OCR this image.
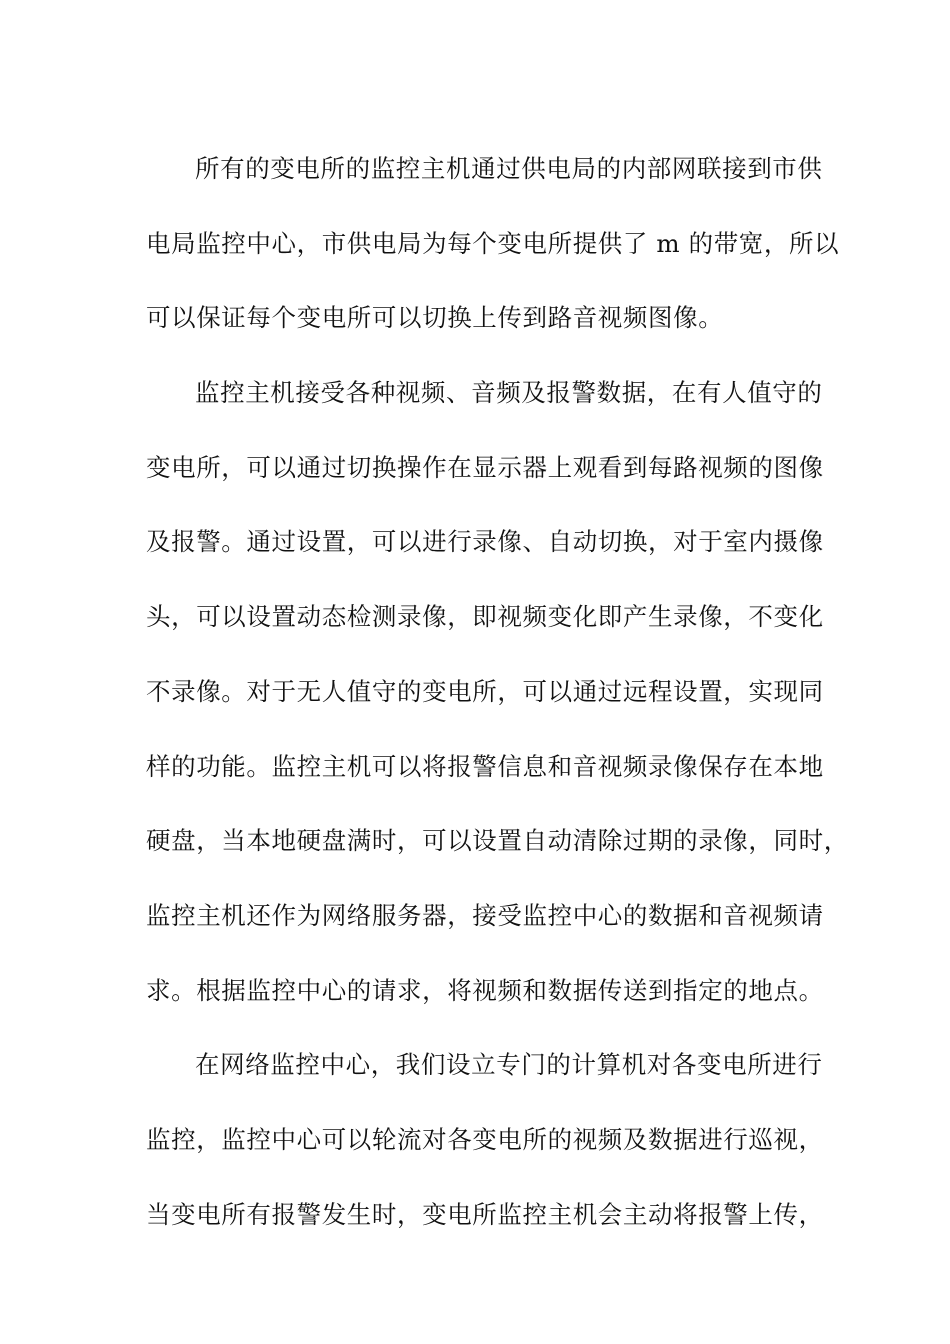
所有的变电所的监控主机通过供电局的内部网联接到市供
电局监控中心，市供电局为每个变电所提供了 m 的带宽，所以
可以保证每个变电所可以切换上传到路音视频图像。

监控主机接受各种视频、音频及报警数据，在有人值守的
变电所，可以通过切换操作在显示器上观看到每路视频的图像
及报警。通过设置，可以进行录像、自动切换，对于室内摄像
头，可以设置动态检测录像，即视频变化即产生录像，不变化
不录像。对于无人值守的变电所，可以通过远程设置，实现同
样的功能。监控主机可以将报警信息和音视频录像保存在本地
硬盘，当本地硬盘满时，可以设置自动清除过期的录像，同时，
监控主机还作为网络服务器，接受监控中心的数据和音视频请
求。根据监控中心的请求，将视频和数据传送到指定的地点。

在网络监控中心，我们设立专门的计算机对各变电所进行
监控，监控中心可以轮流对各变电所的视频及数据进行巡视，
当变电所有报警发生时，变电所监控主机会主动将报警上传，
